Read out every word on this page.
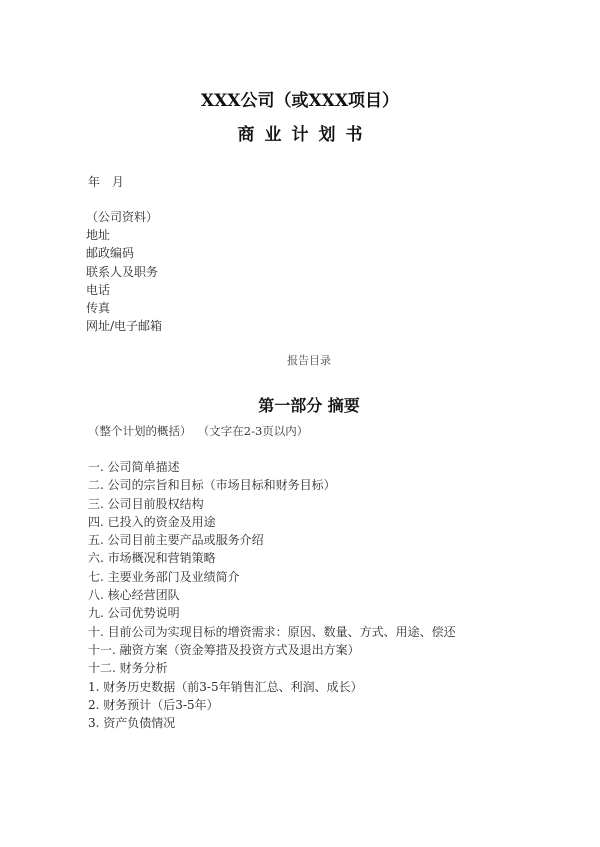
XXX公司（或XXX项目）
商业计划书
年 月
（公司资料）
地址
邮政编码
联系人及职务
电话
传真
网址/电子邮箱
报告目录
第一部分 摘要
（整个计划的概括） （文字在2-3页以内）
一. 公司简单描述
二. 公司的宗旨和目标（市场目标和财务目标）
三. 公司目前股权结构
四. 已投入的资金及用途
五. 公司目前主要产品或服务介绍
六. 市场概况和营销策略
七. 主要业务部门及业绩简介
八. 核心经营团队
九. 公司优势说明
十. 目前公司为实现目标的增资需求：原因、数量、方式、用途、偿还
十一. 融资方案（资金筹措及投资方式及退出方案）
十二. 财务分析
1. 财务历史数据（前3-5年销售汇总、利润、成长）
2. 财务预计（后3-5年）
3. 资产负债情况
